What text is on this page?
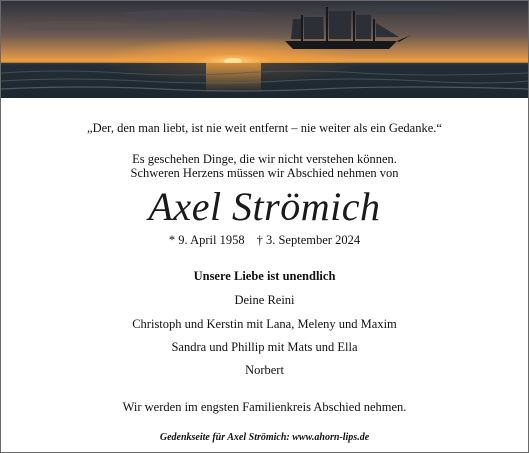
„Der, den man liebt, ist nie weit entfernt – nie weiter als ein Gedanke.“
Es geschehen Dinge, die wir nicht verstehen können.
Schweren Herzens müssen wir Abschied nehmen von
Axel Strömich
* 9. April 1958 † 3. September 2024
Unsere Liebe ist unendlich
Deine Reini
Christoph und Kerstin mit Lana, Meleny und Maxim
Sandra und Phillip mit Mats und Ella
Norbert
Wir werden im engsten Familienkreis Abschied nehmen.
Gedenkseite für Axel Strömich: www.ahorn-lips.de
